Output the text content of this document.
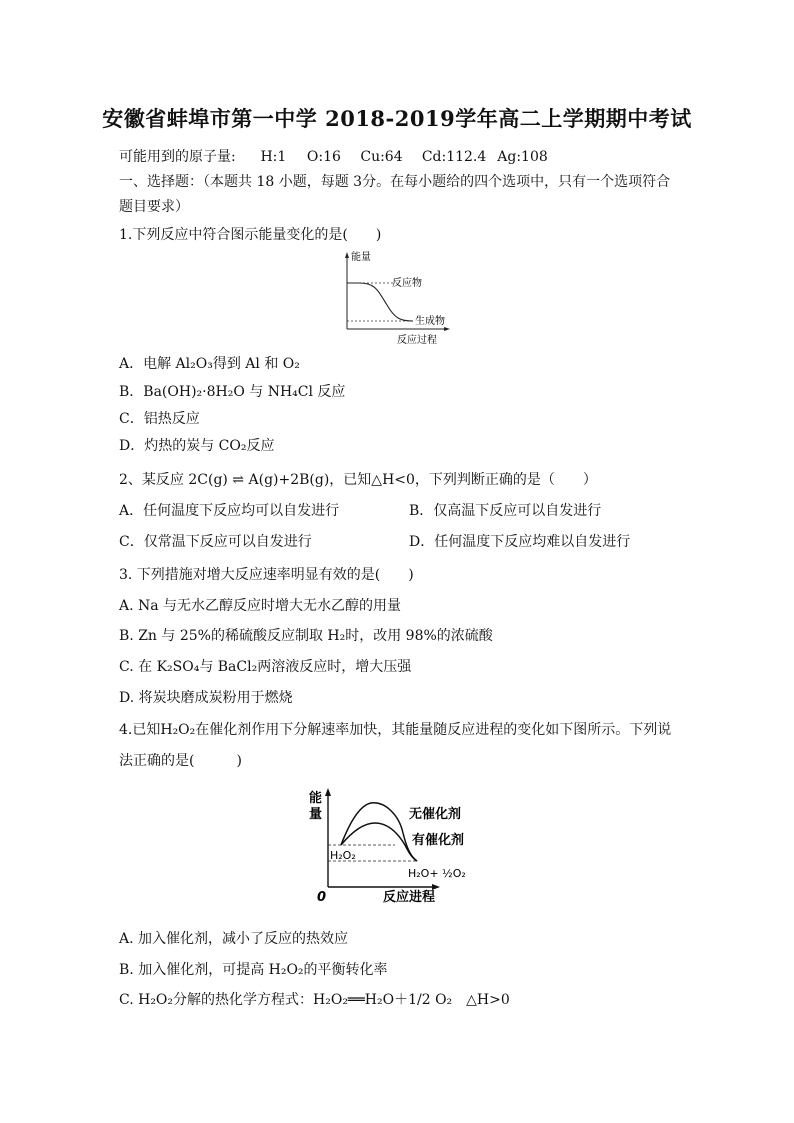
安徽省蚌埠市第一中学 2018-2019学年高二上学期期中考试
可能用到的原子量: H:1 O:16 Cu:64 Cd:112.4 Ag:108
一、选择题：（本题共 18 小题，每题 3分。在每小题给的四个选项中，只有一个选项符合
题目要求）
1.下列反应中符合图示能量变化的是(　　)
能量
反应物
生成物
反应过程
A．电解 Al₂O₃得到 Al 和 O₂
B．Ba(OH)₂·8H₂O 与 NH₄Cl 反应
C．铝热反应
D．灼热的炭与 CO₂反应
2、某反应 2C(g) ⇌ A(g)+2B(g)，已知△H<0，下列判断正确的是（　　）
A．任何温度下反应均可以自发进行	B．仅高温下反应可以自发进行
C．仅常温下反应可以自发进行	D．任何温度下反应均难以自发进行
3. 下列措施对增大反应速率明显有效的是(　　)
A. Na 与无水乙醇反应时增大无水乙醇的用量
B. Zn 与 25%的稀硫酸反应制取 H₂时，改用 98%的浓硫酸
C. 在 K₂SO₄与 BaCl₂两溶液反应时，增大压强
D. 将炭块磨成炭粉用于燃烧
4.已知H₂O₂在催化剂作用下分解速率加快，其能量随反应进程的变化如下图所示。下列说
法正确的是(　　　)
能
量
0
无催化剂
有催化剂
H₂O₂
H₂O+ ½O₂
反应进程
A. 加入催化剂，减小了反应的热效应
B. 加入催化剂，可提高 H₂O₂的平衡转化率
C. H₂O₂分解的热化学方程式：H₂O₂══H₂O＋1/2 O₂　△H>0
